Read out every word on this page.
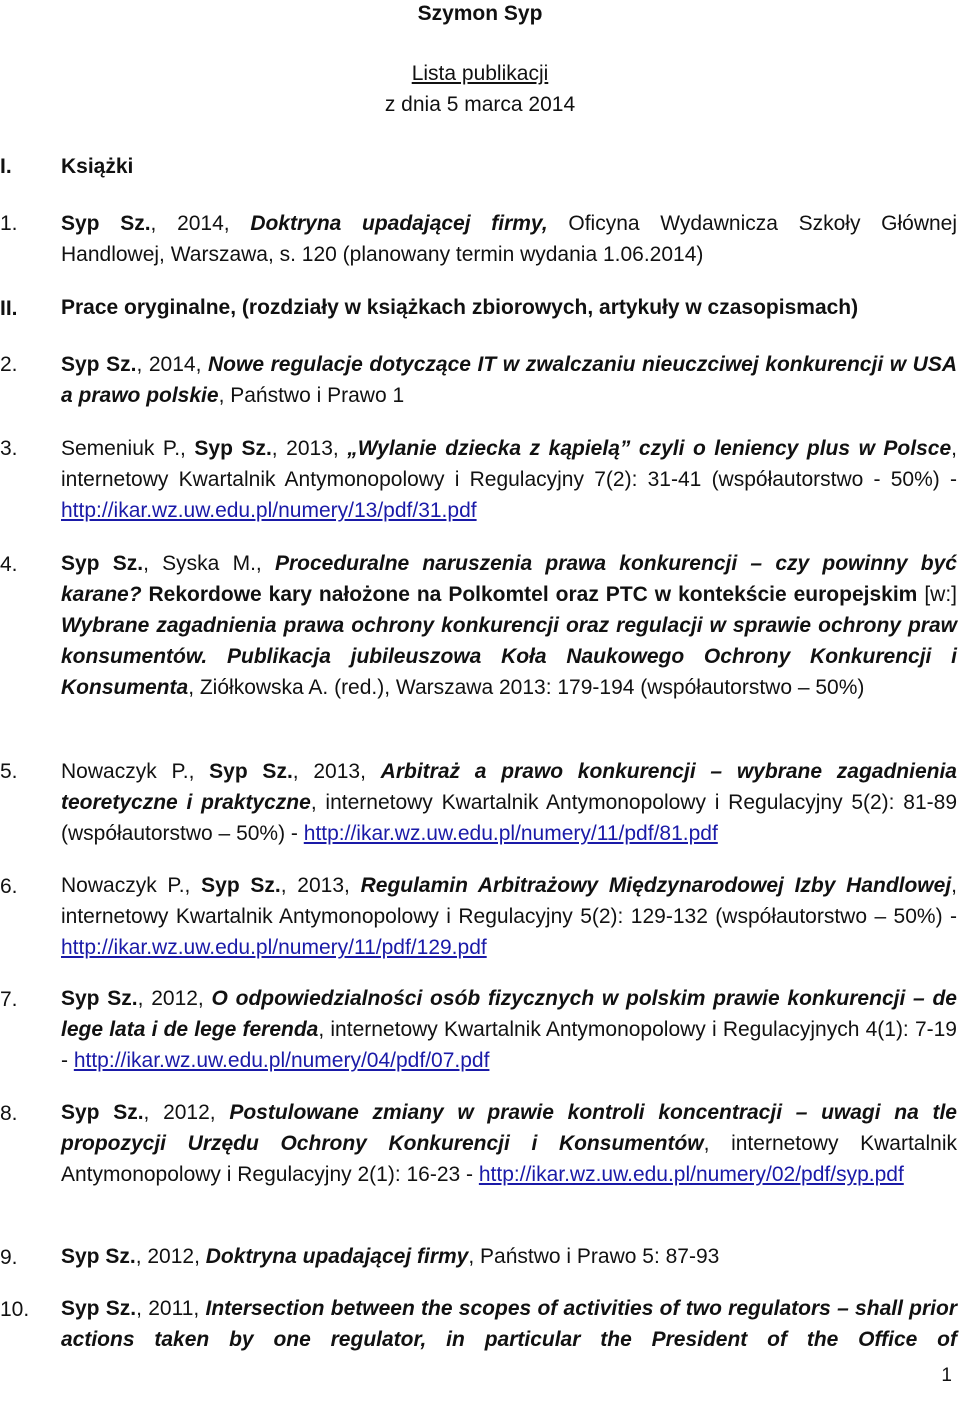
Szymon Syp
Lista publikacji
z dnia 5 marca 2014
I. Książki
1. Syp Sz., 2014, Doktryna upadającej firmy, Oficyna Wydawnicza Szkoły Głównej
Handlowej, Warszawa, s. 120 (planowany termin wydania 1.06.2014)
II. Prace oryginalne, (rozdziały w książkach zbiorowych, artykuły w czasopismach)
2. Syp Sz., 2014, Nowe regulacje dotyczące IT w zwalczaniu nieuczciwej konkurencji w USA a prawo polskie, Państwo i Prawo 1
3. Semeniuk P., Syp Sz., 2013, „Wylanie dziecka z kąpielą” czyli o leniency plus w Polsce, internetowy Kwartalnik Antymonopolowy i Regulacyjny 7(2): 31-41 (współautorstwo - 50%) - http://ikar.wz.uw.edu.pl/numery/13/pdf/31.pdf
4. Syp Sz., Syska M., Proceduralne naruszenia prawa konkurencji – czy powinny być karane? Rekordowe kary nałożone na Polkomtel oraz PTC w kontekście europejskim [w:] Wybrane zagadnienia prawa ochrony konkurencji oraz regulacji w sprawie ochrony praw konsumentów. Publikacja jubileuszowa Koła Naukowego Ochrony Konkurencji i Konsumenta, Ziółkowska A. (red.), Warszawa 2013: 179-194 (współautorstwo – 50%)
5. Nowaczyk P., Syp Sz., 2013, Arbitraż a prawo konkurencji – wybrane zagadnienia teoretyczne i praktyczne, internetowy Kwartalnik Antymonopolowy i Regulacyjny 5(2): 81-89 (współautorstwo – 50%) - http://ikar.wz.uw.edu.pl/numery/11/pdf/81.pdf
6. Nowaczyk P., Syp Sz., 2013, Regulamin Arbitrażowy Międzynarodowej Izby Handlowej, internetowy Kwartalnik Antymonopolowy i Regulacyjny 5(2): 129-132 (współautorstwo – 50%) - http://ikar.wz.uw.edu.pl/numery/11/pdf/129.pdf
7. Syp Sz., 2012, O odpowiedzialności osób fizycznych w polskim prawie konkurencji – de lege lata i de lege ferenda, internetowy Kwartalnik Antymonopolowy i Regulacyjnych 4(1): 7-19 - http://ikar.wz.uw.edu.pl/numery/04/pdf/07.pdf
8. Syp Sz., 2012, Postulowane zmiany w prawie kontroli koncentracji – uwagi na tle propozycji Urzędu Ochrony Konkurencji i Konsumentów, internetowy Kwartalnik Antymonopolowy i Regulacyjny 2(1): 16-23 - http://ikar.wz.uw.edu.pl/numery/02/pdf/syp.pdf
9. Syp Sz., 2012, Doktryna upadającej firmy, Państwo i Prawo 5: 87-93
10. Syp Sz., 2011, Intersection between the scopes of activities of two regulators – shall prior actions taken by one regulator, in particular the President of the Office of
1
